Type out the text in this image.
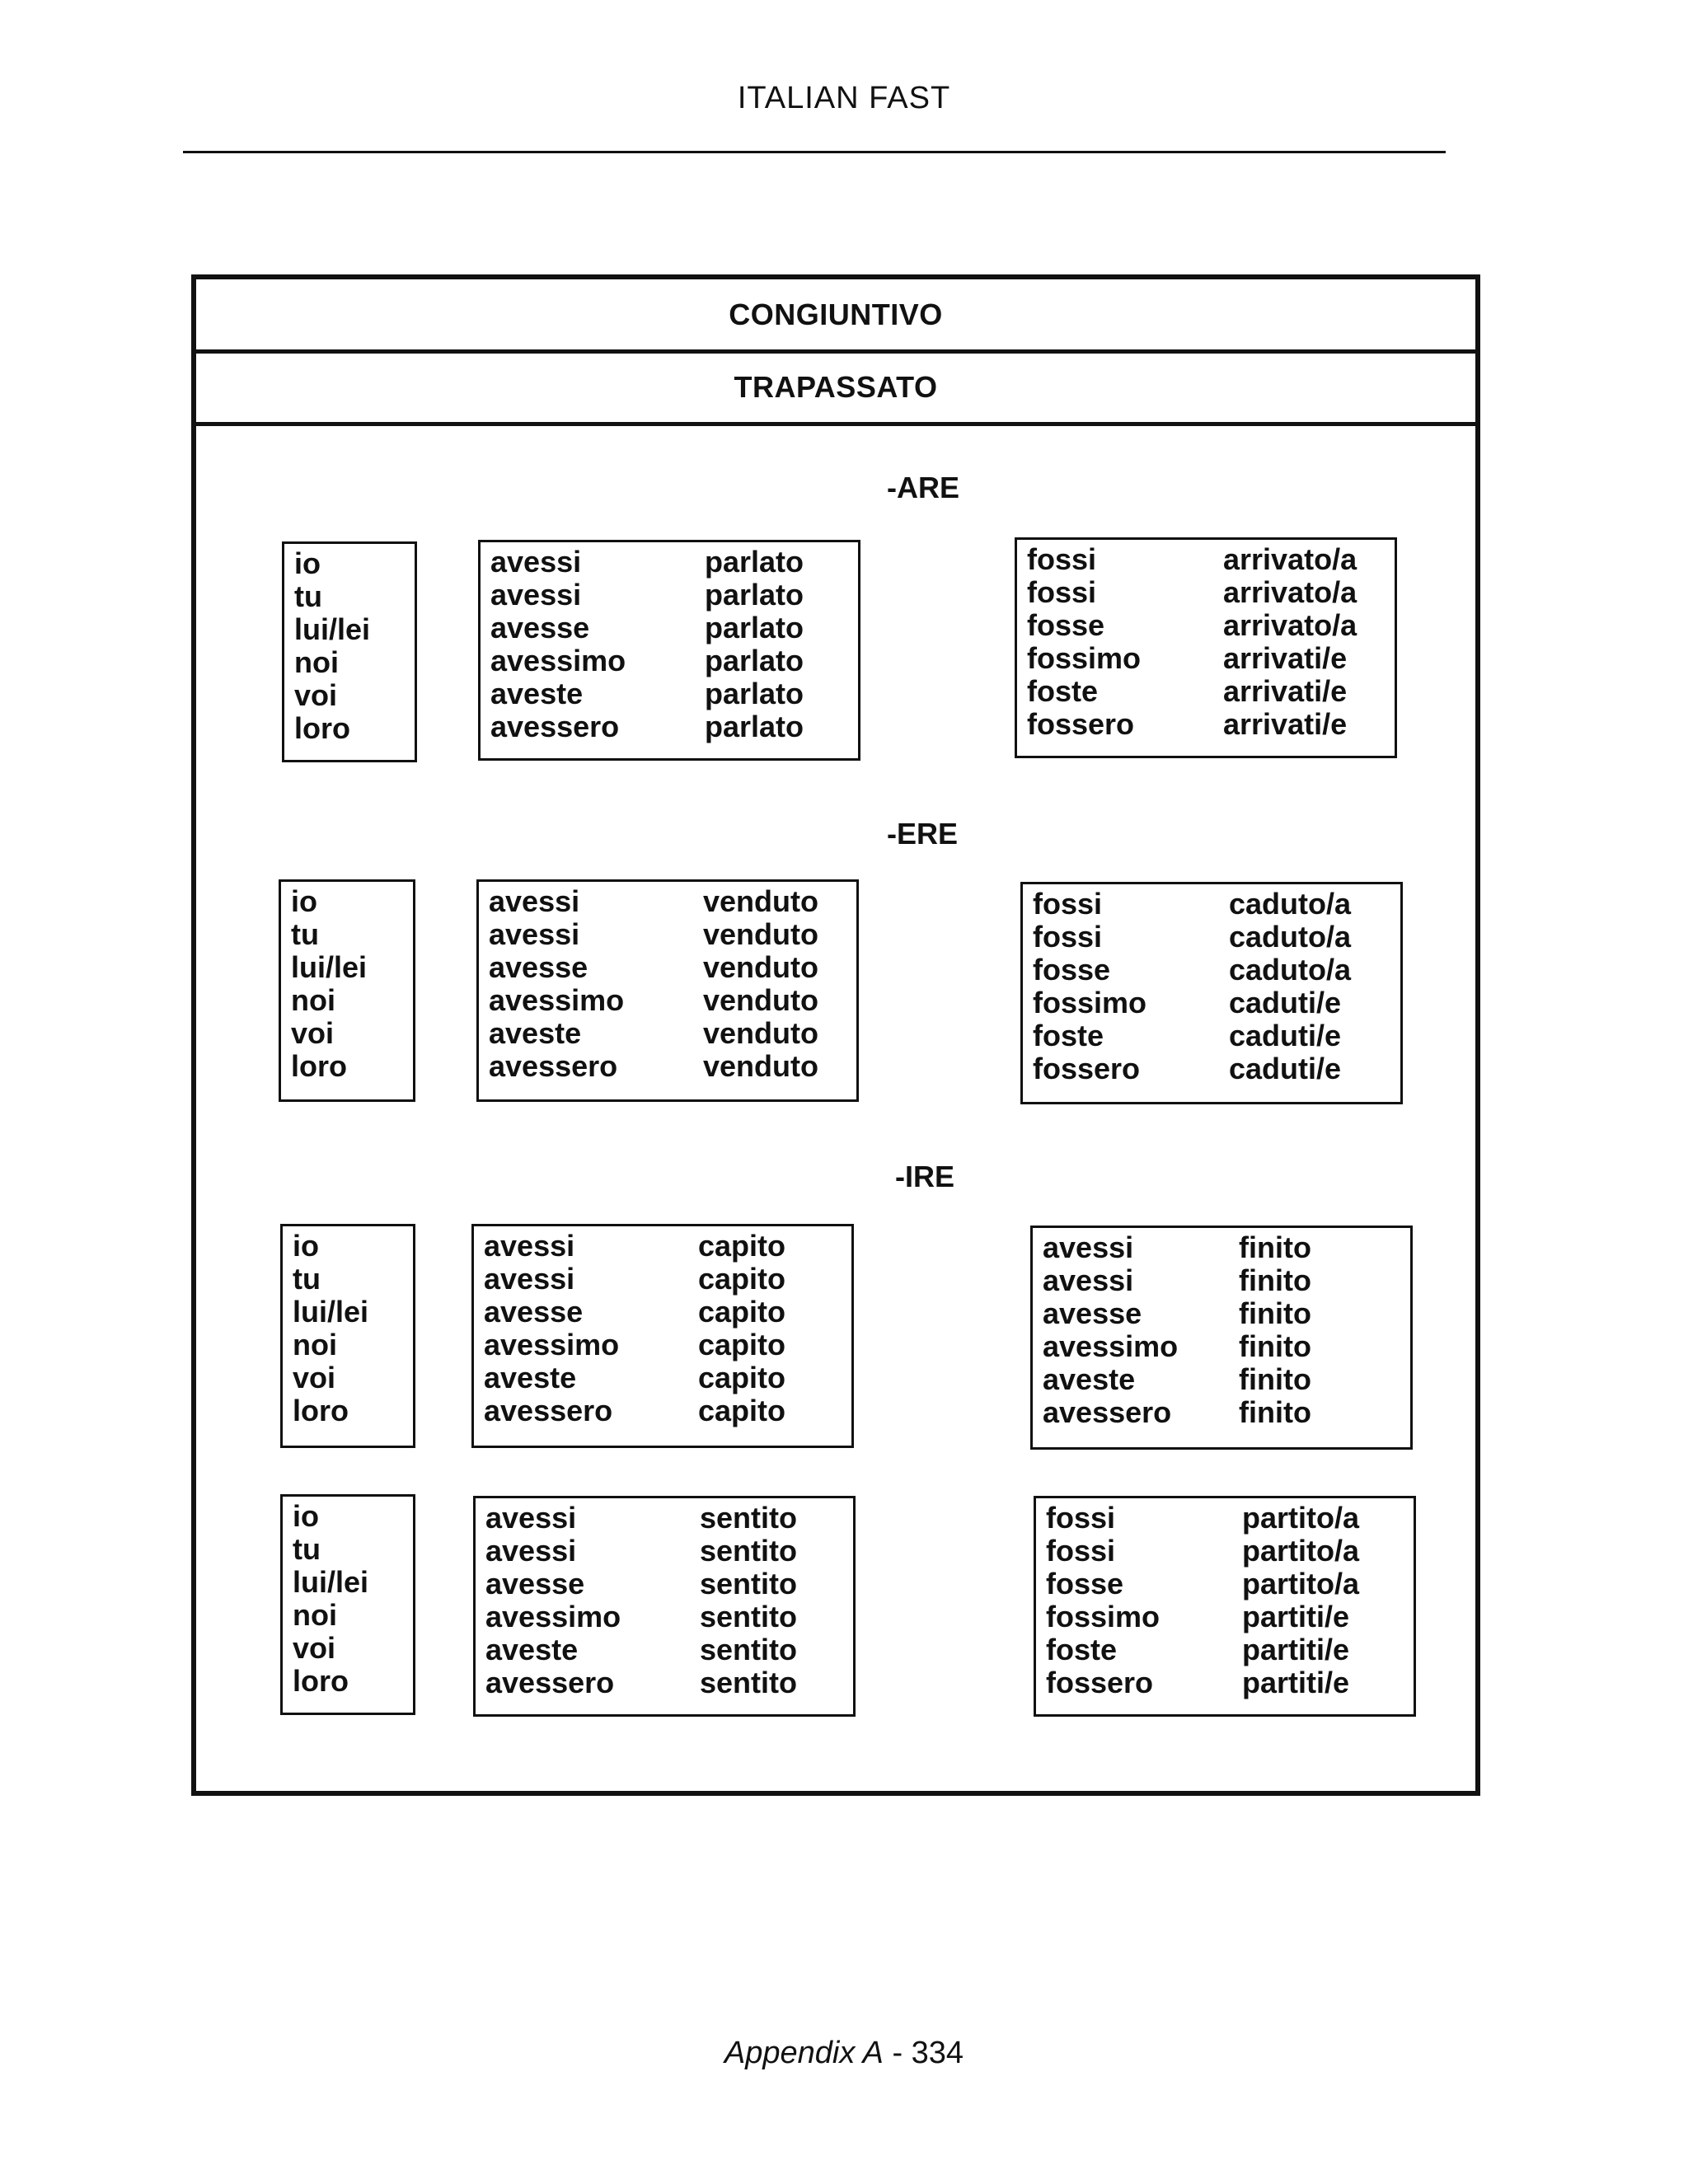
ITALIAN FAST
CONGIUNTIVO
TRAPASSATO
-ARE
io
tu
lui/lei
noi
voi
loro
avessi
avessi
avesse
avessimo
aveste
avessero
parlato
parlato
parlato
parlato
parlato
parlato
fossi
fossi
fosse
fossimo
foste
fossero
arrivato/a
arrivato/a
arrivato/a
arrivati/e
arrivati/e
arrivati/e
-ERE
io
tu
lui/lei
noi
voi
loro
avessi
avessi
avesse
avessimo
aveste
avessero
venduto
venduto
venduto
venduto
venduto
venduto
fossi
fossi
fosse
fossimo
foste
fossero
caduto/a
caduto/a
caduto/a
caduti/e
caduti/e
caduti/e
-IRE
io
tu
lui/lei
noi
voi
loro
avessi
avessi
avesse
avessimo
aveste
avessero
capito
capito
capito
capito
capito
capito
avessi
avessi
avesse
avessimo
aveste
avessero
finito
finito
finito
finito
finito
finito
io
tu
lui/lei
noi
voi
loro
avessi
avessi
avesse
avessimo
aveste
avessero
sentito
sentito
sentito
sentito
sentito
sentito
fossi
fossi
fosse
fossimo
foste
fossero
partito/a
partito/a
partito/a
partiti/e
partiti/e
partiti/e
Appendix A - 334
